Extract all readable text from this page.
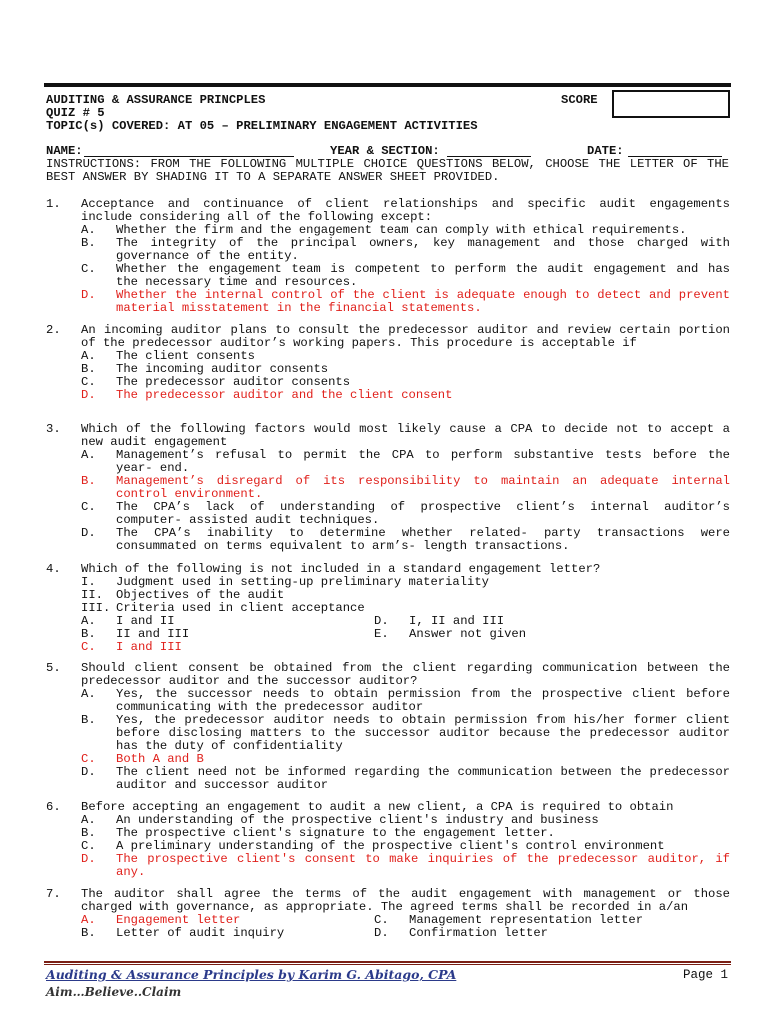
AUDITING & ASSURANCE PRINCPLES
QUIZ # 5
TOPIC(s) COVERED: AT 05 – PRELIMINARY ENGAGEMENT ACTIVITIES
SCORE
NAME:	YEAR & SECTION:	DATE:
INSTRUCTIONS: FROM THE FOLLOWING MULTIPLE CHOICE QUESTIONS BELOW, CHOOSE THE LETTER OF THE BEST ANSWER BY SHADING IT TO A SEPARATE ANSWER SHEET PROVIDED.
1.	Acceptance and continuance of client relationships and specific audit engagements include considering all of the following except:
A.	Whether the firm and the engagement team can comply with ethical requirements.
B.	The integrity of the principal owners, key management and those charged with governance of the entity.
C.	Whether the engagement team is competent to perform the audit engagement and has the necessary time and resources.
D.	Whether the internal control of the client is adequate enough to detect and prevent material misstatement in the financial statements.
2.	An incoming auditor plans to consult the predecessor auditor and review certain portion of the predecessor auditor’s working papers. This procedure is acceptable if
A.	The client consents
B.	The incoming auditor consents
C.	The predecessor auditor consents
D.	The predecessor auditor and the client consent
3.	Which of the following factors would most likely cause a CPA to decide not to accept a new audit engagement
A.	Management’s refusal to permit the CPA to perform substantive tests before the year- end.
B.	Management’s disregard of its responsibility to maintain an adequate internal control environment.
C.	The CPA’s lack of understanding of prospective client’s internal auditor’s computer- assisted audit techniques.
D.	The CPA’s inability to determine whether related- party transactions were consummated on terms equivalent to arm’s- length transactions.
4.	Which of the following is not included in a standard engagement letter?
I.	Judgment used in setting-up preliminary materiality
II.	Objectives of the audit
III. Criteria used in client acceptance
A.	I and II	D.	I, II and III
B.	II and III	E.	Answer not given
C.	I and III
5.	Should client consent be obtained from the client regarding communication between the predecessor auditor and the successor auditor?
A.	Yes, the successor needs to obtain permission from the prospective client before communicating with the predecessor auditor
B.	Yes, the predecessor auditor needs to obtain permission from his/her former client before disclosing matters to the successor auditor because the predecessor auditor has the duty of confidentiality
C.	Both A and B
D.	The client need not be informed regarding the communication between the predecessor auditor and successor auditor
6.	Before accepting an engagement to audit a new client, a CPA is required to obtain
A.	An understanding of the prospective client's industry and business
B.	The prospective client's signature to the engagement letter.
C.	A preliminary understanding of the prospective client's control environment
D.	The prospective client's consent to make inquiries of the predecessor auditor, if any.
7.	The auditor shall agree the terms of the audit engagement with management or those charged with governance, as appropriate. The agreed terms shall be recorded in a/an
A.	Engagement letter	C.	Management representation letter
B.	Letter of audit inquiry	D.	Confirmation letter
Auditing & Assurance Principles by Karim G. Abitago, CPA	Page 1
Aim…Believe..Claim
